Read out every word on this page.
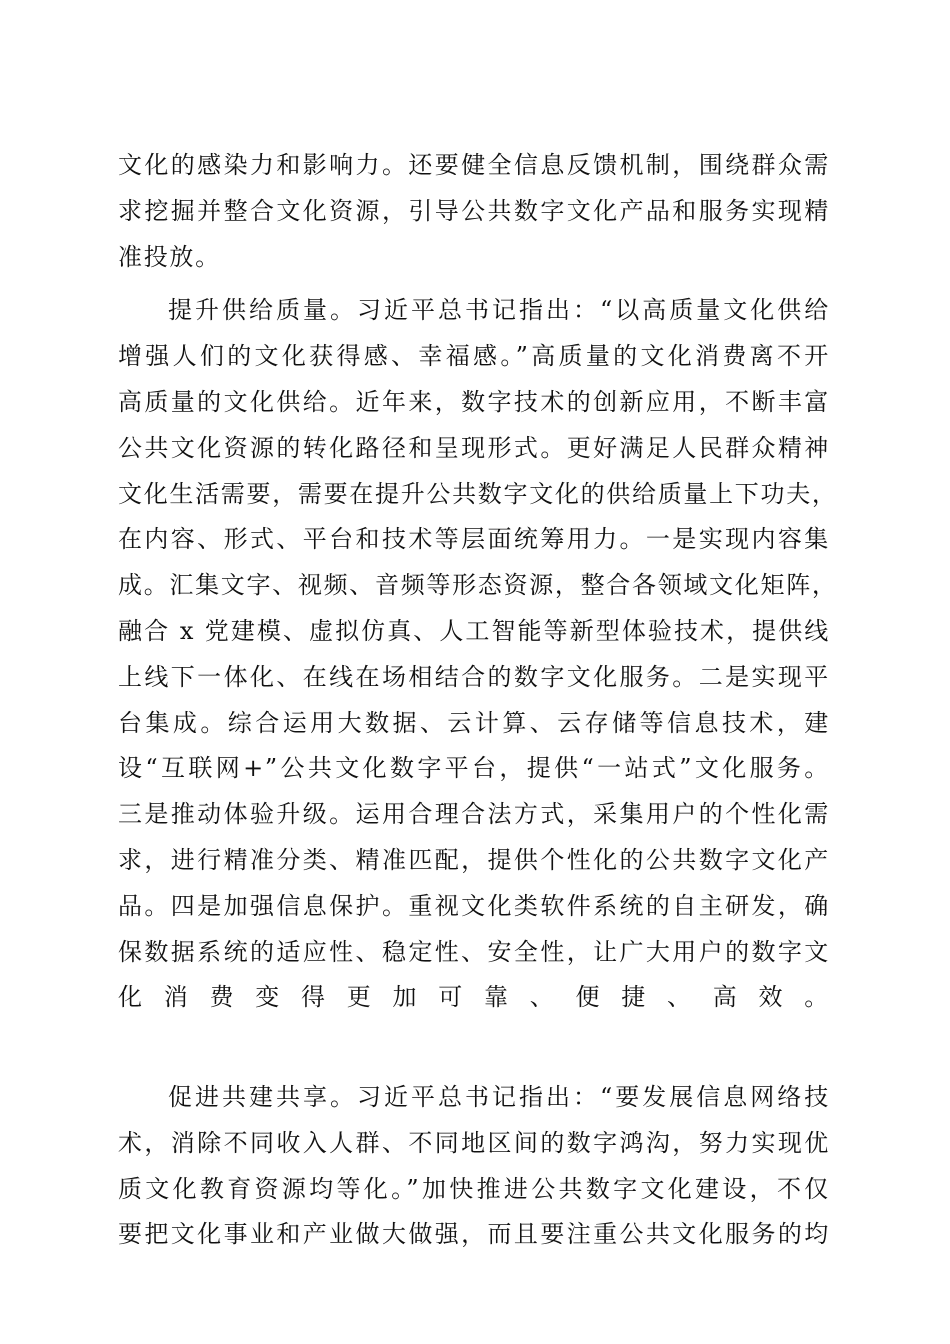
文化的感染力和影响力。还要健全信息反馈机制，围绕群众需
求挖掘并整合文化资源，引导公共数字文化产品和服务实现精
准投放。
提升供给质量。习近平总书记指出：“以高质量文化供给
增强人们的文化获得感、幸福感。”高质量的文化消费离不开
高质量的文化供给。近年来，数字技术的创新应用，不断丰富
公共文化资源的转化路径和呈现形式。更好满足人民群众精神
文化生活需要，需要在提升公共数字文化的供给质量上下功夫，
在内容、形式、平台和技术等层面统筹用力。一是实现内容集
成。汇集文字、视频、音频等形态资源，整合各领域文化矩阵，
融合 x 党建模、虚拟仿真、人工智能等新型体验技术，提供线
上线下一体化、在线在场相结合的数字文化服务。二是实现平
台集成。综合运用大数据、云计算、云存储等信息技术，建
设“互联网+”公共文化数字平台，提供“一站式”文化服务。
三是推动体验升级。运用合理合法方式，采集用户的个性化需
求，进行精准分类、精准匹配，提供个性化的公共数字文化产
品。四是加强信息保护。重视文化类软件系统的自主研发，确
保数据系统的适应性、稳定性、安全性，让广大用户的数字文
化消费变得更加可靠、便捷、高效。
促进共建共享。习近平总书记指出：“要发展信息网络技
术，消除不同收入人群、不同地区间的数字鸿沟，努力实现优
质文化教育资源均等化。”加快推进公共数字文化建设，不仅
要把文化事业和产业做大做强，而且要注重公共文化服务的均
